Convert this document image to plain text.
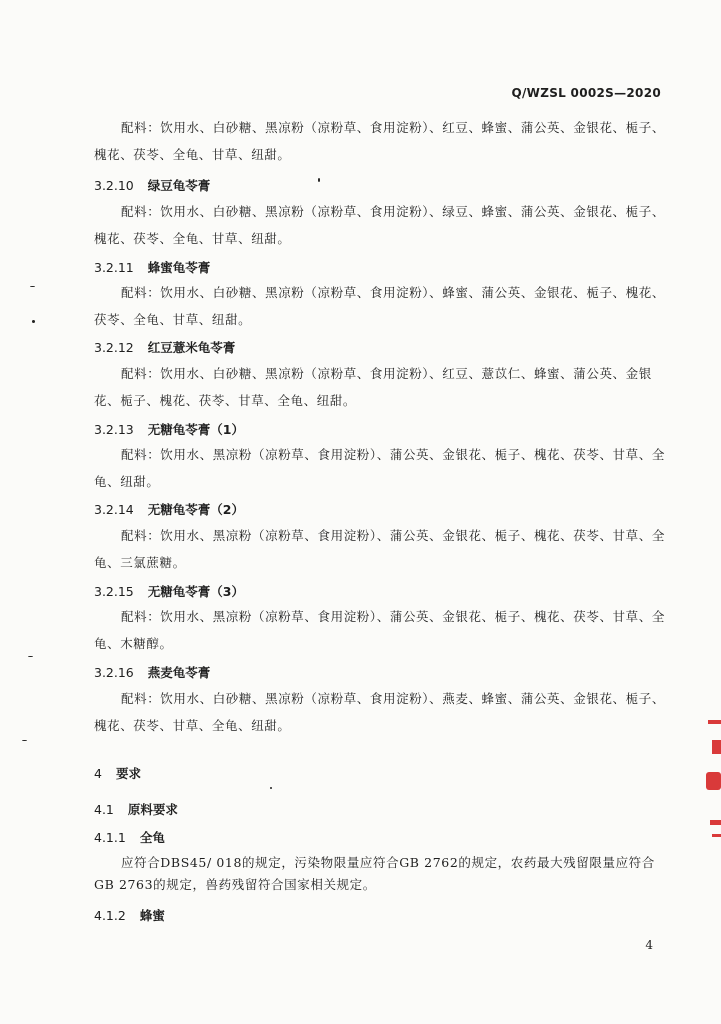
Q/WZSL 0002S—2020

配料：饮用水、白砂糖、黑凉粉（凉粉草、食用淀粉）、红豆、蜂蜜、蒲公英、金银花、栀子、槐花、茯苓、全龟、甘草、纽甜。

3.2.10 绿豆龟苓膏

配料：饮用水、白砂糖、黑凉粉（凉粉草、食用淀粉）、绿豆、蜂蜜、蒲公英、金银花、栀子、槐花、茯苓、全龟、甘草、纽甜。

3.2.11 蜂蜜龟苓膏

配料：饮用水、白砂糖、黑凉粉（凉粉草、食用淀粉）、蜂蜜、蒲公英、金银花、栀子、槐花、茯苓、全龟、甘草、纽甜。

3.2.12 红豆薏米龟苓膏

配料：饮用水、白砂糖、黑凉粉（凉粉草、食用淀粉）、红豆、薏苡仁、蜂蜜、蒲公英、金银花、栀子、槐花、茯苓、甘草、全龟、纽甜。

3.2.13 无糖龟苓膏（1）

配料：饮用水、黑凉粉（凉粉草、食用淀粉）、蒲公英、金银花、栀子、槐花、茯苓、甘草、全龟、纽甜。

3.2.14 无糖龟苓膏（2）

配料：饮用水、黑凉粉（凉粉草、食用淀粉）、蒲公英、金银花、栀子、槐花、茯苓、甘草、全龟、三氯蔗糖。

3.2.15 无糖龟苓膏（3）

配料：饮用水、黑凉粉（凉粉草、食用淀粉）、蒲公英、金银花、栀子、槐花、茯苓、甘草、全龟、木糖醇。

3.2.16 燕麦龟苓膏

配料：饮用水、白砂糖、黑凉粉（凉粉草、食用淀粉）、燕麦、蜂蜜、蒲公英、金银花、栀子、槐花、茯苓、甘草、全龟、纽甜。

4 要求
4.1 原料要求
4.1.1 全龟

应符合DBS45/ 018的规定，污染物限量应符合GB 2762的规定，农药最大残留限量应符合GB 2763的规定，兽药残留符合国家相关规定。

4.1.2 蜂蜜
4
